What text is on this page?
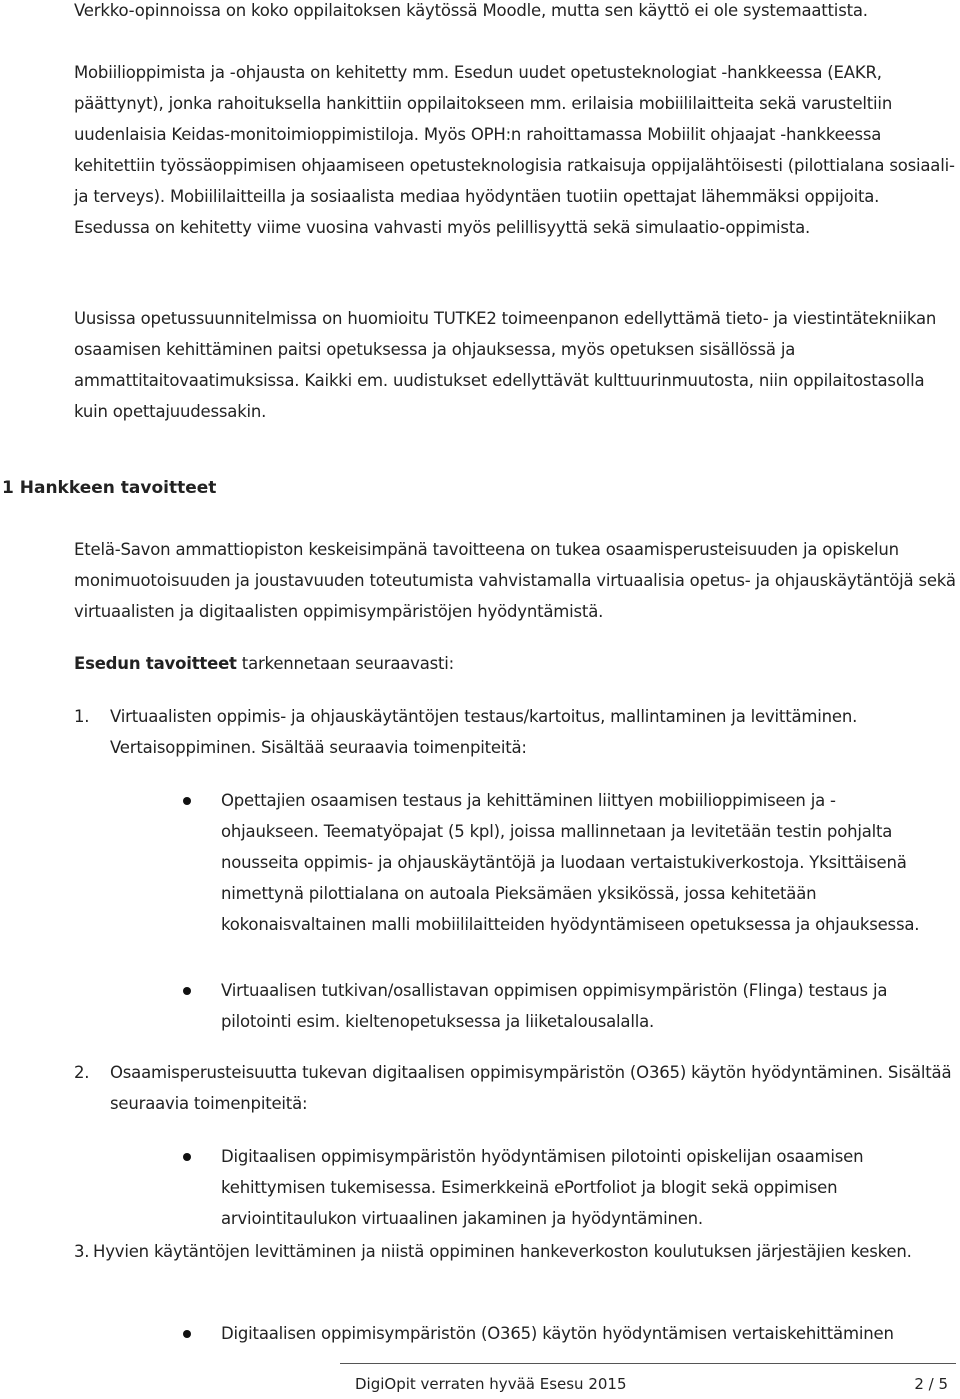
Verkko-opinnoissa on koko oppilaitoksen käytössä Moodle, mutta sen käyttö ei ole systemaattista.

Mobiilioppimista ja -ohjausta on kehitetty mm. Esedun uudet opetusteknologiat -hankkeessa (EAKR, päättynyt), jonka rahoituksella hankittiin oppilaitokseen mm. erilaisia mobiililaitteita sekä varusteltiin uudenlaisia Keidas-monitoimioppimistiloja. Myös OPH:n rahoittamassa Mobiilit ohjaajat -hankkeessa kehitettiin työssäoppimisen ohjaamiseen opetusteknologisia ratkaisuja oppijalähtöisesti (pilottialana sosiaali- ja terveys). Mobiililaitteilla ja sosiaalista mediaa hyödyntäen tuotiin opettajat lähemmäksi oppijoita. Esedussa on kehitetty viime vuosina vahvasti myös pelillisyyttä sekä simulaatio-oppimista.

Uusissa opetussuunnitelmissa on huomioitu TUTKE2 toimeenpanon edellyttämä tieto- ja viestintätekniikan osaamisen kehittäminen paitsi opetuksessa ja ohjauksessa, myös opetuksen sisällössä ja ammattitaitovaatimuksissa. Kaikki em. uudistukset edellyttävät kulttuurinmuutosta, niin oppilaitostasolla kuin opettajuudessakin.

1 Hankkeen tavoitteet

Etelä-Savon ammattiopiston keskeisimpänä tavoitteena on tukea osaamisperusteisuuden ja opiskelun monimuotoisuuden ja joustavuuden toteutumista vahvistamalla virtuaalisia opetus- ja ohjauskäytäntöjä sekä virtuaalisten ja digitaalisten oppimisympäristöjen hyödyntämistä.

Esedun tavoitteet tarkennetaan seuraavasti:

1.	Virtuaalisten oppimis- ja ohjauskäytäntöjen testaus/kartoitus, mallintaminen ja levittäminen. Vertaisoppiminen. Sisältää seuraavia toimenpiteitä:
Opettajien osaamisen testaus ja kehittäminen liittyen mobiilioppimiseen ja -ohjaukseen. Teematyöpajat (5 kpl), joissa mallinnetaan ja levitetään testin pohjalta nousseita oppimis- ja ohjauskäytäntöjä ja luodaan vertaistukiverkostoja. Yksittäisenä nimettynä pilottialana on autoala Pieksämäen yksikössä, jossa kehitetään kokonaisvaltainen malli mobiililaitteiden hyödyntämiseen opetuksessa ja ohjauksessa.
Virtuaalisen tutkivan/osallistavan oppimisen oppimisympäristön (Flinga) testaus ja pilotointi esim. kieltenopetuksessa ja liiketalousalalla.
2.	Osaamisperusteisuutta tukevan digitaalisen oppimisympäristön (O365) käytön hyödyntäminen. Sisältää seuraavia toimenpiteitä:
Digitaalisen oppimisympäristön hyödyntämisen pilotointi opiskelijan osaamisen kehittymisen tukemisessa. Esimerkkeinä ePortfoliot ja blogit sekä oppimisen arviointitaulukon virtuaalinen jakaminen ja hyödyntäminen.
3. Hyvien käytäntöjen levittäminen ja niistä oppiminen hankeverkoston koulutuksen järjestäjien kesken.
Digitaalisen oppimisympäristön (O365) käytön hyödyntämisen vertaiskehittäminen
DigiOpit verraten hyvää Esesu 2015	2 / 5
